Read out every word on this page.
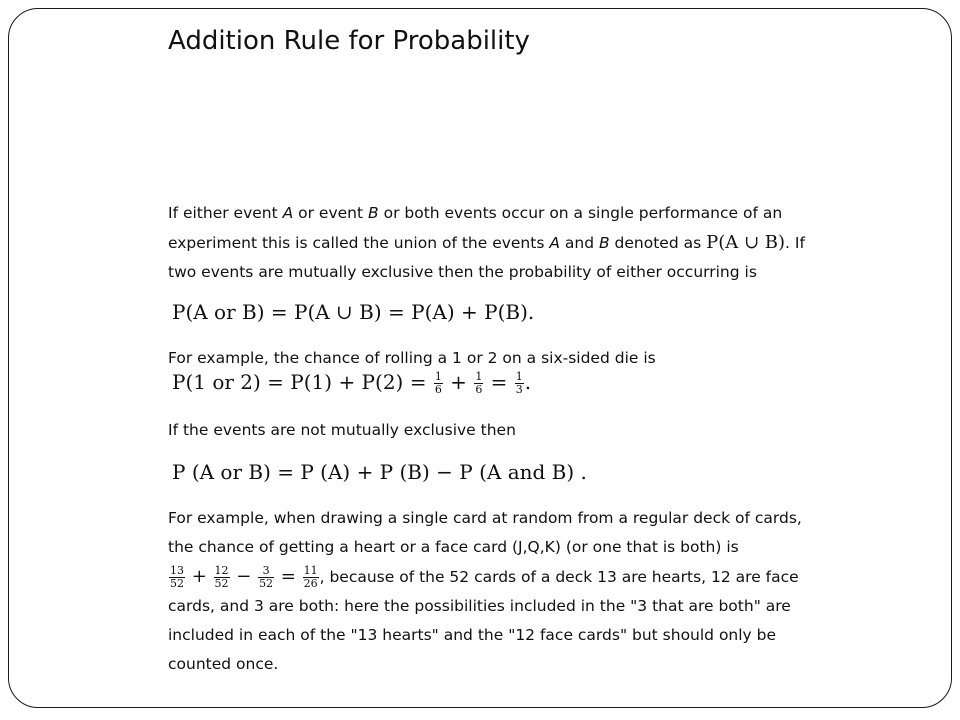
Addition Rule for Probability

If either event A or event B or both events occur on a single performance of an experiment this is called the union of the events A and B denoted as P(A ∪ B). If two events are mutually exclusive then the probability of either occurring is

P(A or B) = P(A ∪ B) = P(A) + P(B).

For example, the chance of rolling a 1 or 2 on a six-sided die is

P(1 or $2) = P(1) + P(2) = \frac{1}{6} + \frac{1}{6} = \frac{1}{3}$ .

If the events are not mutually exclusive then

P (A or B) = P (A) + P (B) − P (A and B) .

For example, when drawing a single card at random from a regular deck of cards, the chance of getting a heart or a face card (J,Q,K) (or one that is both) is

$\frac{13}{52} + \frac{12}{52} - \frac{3}{52} = \frac{11}{26}$ , because of the 52 cards of a deck 13 are hearts, 12 are face cards, and 3 are both: here the possibilities included in the "3 that are both" are included in each of the "13 hearts" and the "12 face cards" but should only be counted once.
